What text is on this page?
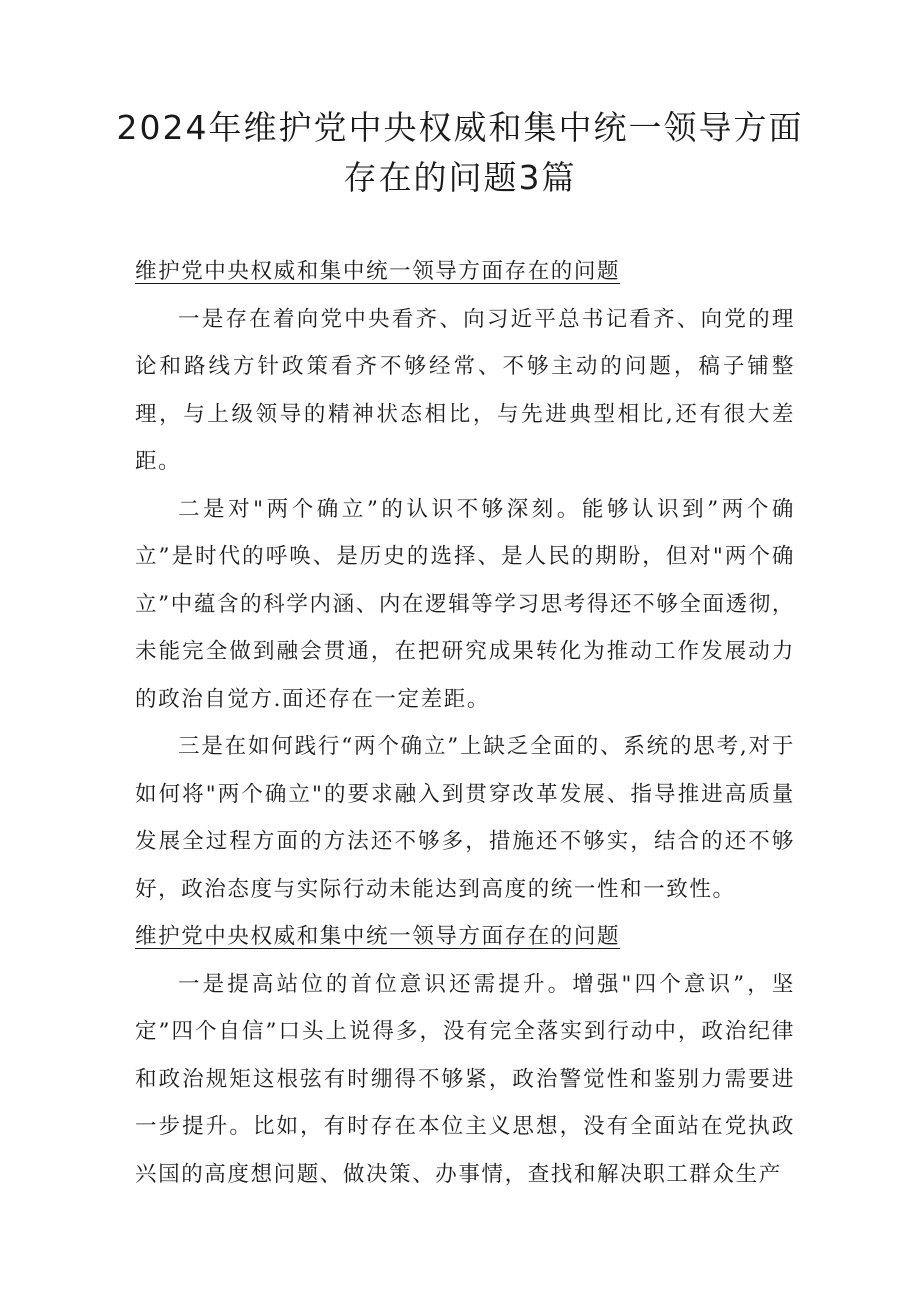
2024年维护党中央权威和集中统一领导方面存在的问题3篇

维护党中央权威和集中统一领导方面存在的问题

一是存在着向党中央看齐、向习近平总书记看齐、向党的理论和路线方针政策看齐不够经常、不够主动的问题，稿子铺整理，与上级领导的精神状态相比，与先进典型相比,还有很大差距。

二是对"两个确立”的认识不够深刻。能够认识到”两个确立”是时代的呼唤、是历史的选择、是人民的期盼，但对"两个确立”中蕴含的科学内涵、内在逻辑等学习思考得还不够全面透彻，未能完全做到融会贯通，在把研究成果转化为推动工作发展动力的政治自觉方.面还存在一定差距。

三是在如何践行“两个确立”上缺乏全面的、系统的思考,对于如何将"两个确立"的要求融入到贯穿改革发展、指导推进高质量发展全过程方面的方法还不够多，措施还不够实，结合的还不够好，政治态度与实际行动未能达到高度的统一性和一致性。

维护党中央权威和集中统一领导方面存在的问题

一是提高站位的首位意识还需提升。增强"四个意识”，坚定”四个自信”口头上说得多，没有完全落实到行动中，政治纪律和政治规矩这根弦有时绷得不够紧，政治警觉性和鉴别力需要进一步提升。比如，有时存在本位主义思想，没有全面站在党执政兴国的高度想问题、做决策、办事情，查找和解决职工群众生产
